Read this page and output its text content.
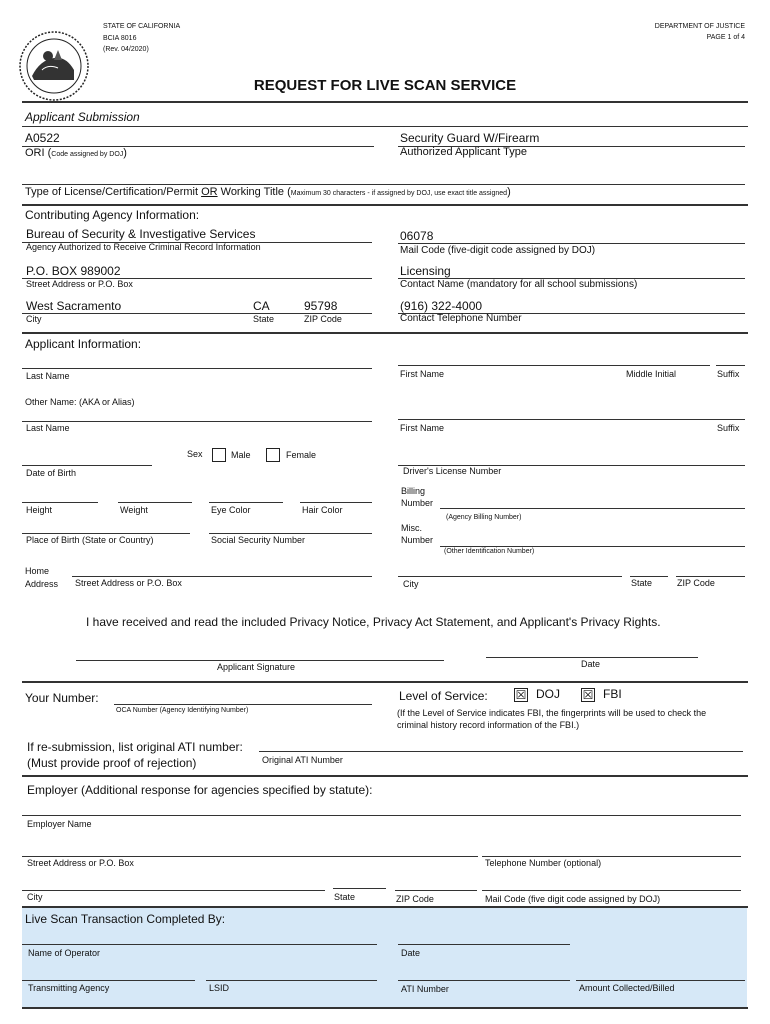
STATE OF CALIFORNIA
BCIA 8016
(Rev. 04/2020)
DEPARTMENT OF JUSTICE
PAGE 1 of 4
REQUEST FOR LIVE SCAN SERVICE
Applicant Submission
A0522
ORI (Code assigned by DOJ)
Security Guard W/Firearm
Authorized Applicant Type
Type of License/Certification/Permit OR Working Title (Maximum 30 characters - if assigned by DOJ, use exact title assigned)
Contributing Agency Information:
Bureau of Security & Investigative Services
Agency Authorized to Receive Criminal Record Information
06078
Mail Code (five-digit code assigned by DOJ)
P.O. BOX 989002
Street Address or P.O. Box
Licensing
Contact Name (mandatory for all school submissions)
West Sacramento	CA	95798
City	State	ZIP Code
(916) 322-4000
Contact Telephone Number
Applicant Information:
Last Name	First Name	Middle Initial	Suffix
Other Name: (AKA or Alias)
Last Name	First Name	Suffix
Sex	Male	Female
Date of Birth	Driver's License Number
Height	Weight	Eye Color	Hair Color
Billing
Number
(Agency Billing Number)
Place of Birth (State or Country)	Social Security Number
Misc.
Number
(Other Identification Number)
Home
Address Street Address or P.O. Box	City	State	ZIP Code
I have received and read the included Privacy Notice, Privacy Act Statement, and Applicant's Privacy Rights.
Applicant Signature	Date
Your Number:
OCA Number (Agency Identifying Number)
Level of Service: ☒ DOJ ☒ FBI
(If the Level of Service indicates FBI, the fingerprints will be used to check the
criminal history record information of the FBI.)
If re-submission, list original ATI number:
(Must provide proof of rejection)	Original ATI Number
Employer (Additional response for agencies specified by statute):
Employer Name
Street Address or P.O. Box	Telephone Number (optional)
City	State	ZIP Code	Mail Code (five digit code assigned by DOJ)
Live Scan Transaction Completed By:
Name of Operator	Date
Transmitting Agency	LSID	ATI Number	Amount Collected/Billed
